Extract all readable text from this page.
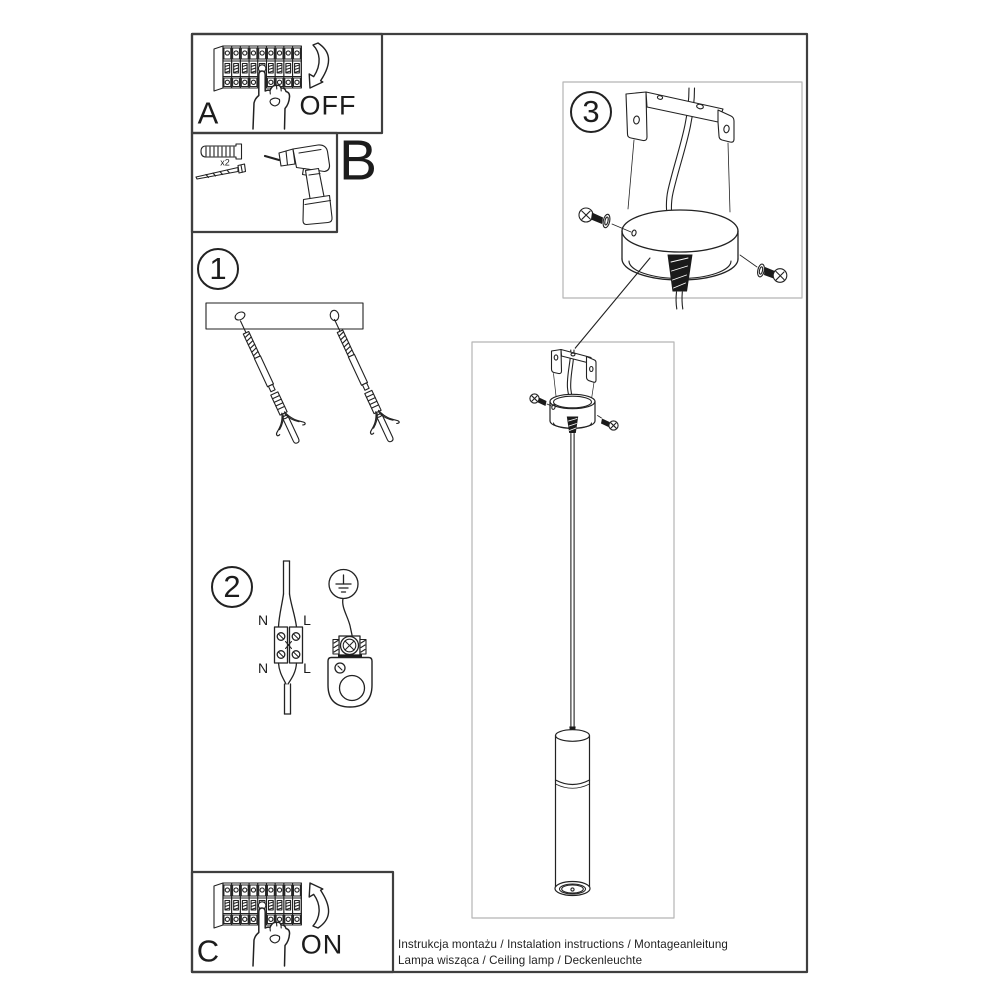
A	OFF
B
x2
1
2
3
N	L
N	L
C	ON	Instrukcja montażu / Instalation instructions / Montageanleitung
Lampa wisząca / Ceiling lamp / Deckenleuchte
